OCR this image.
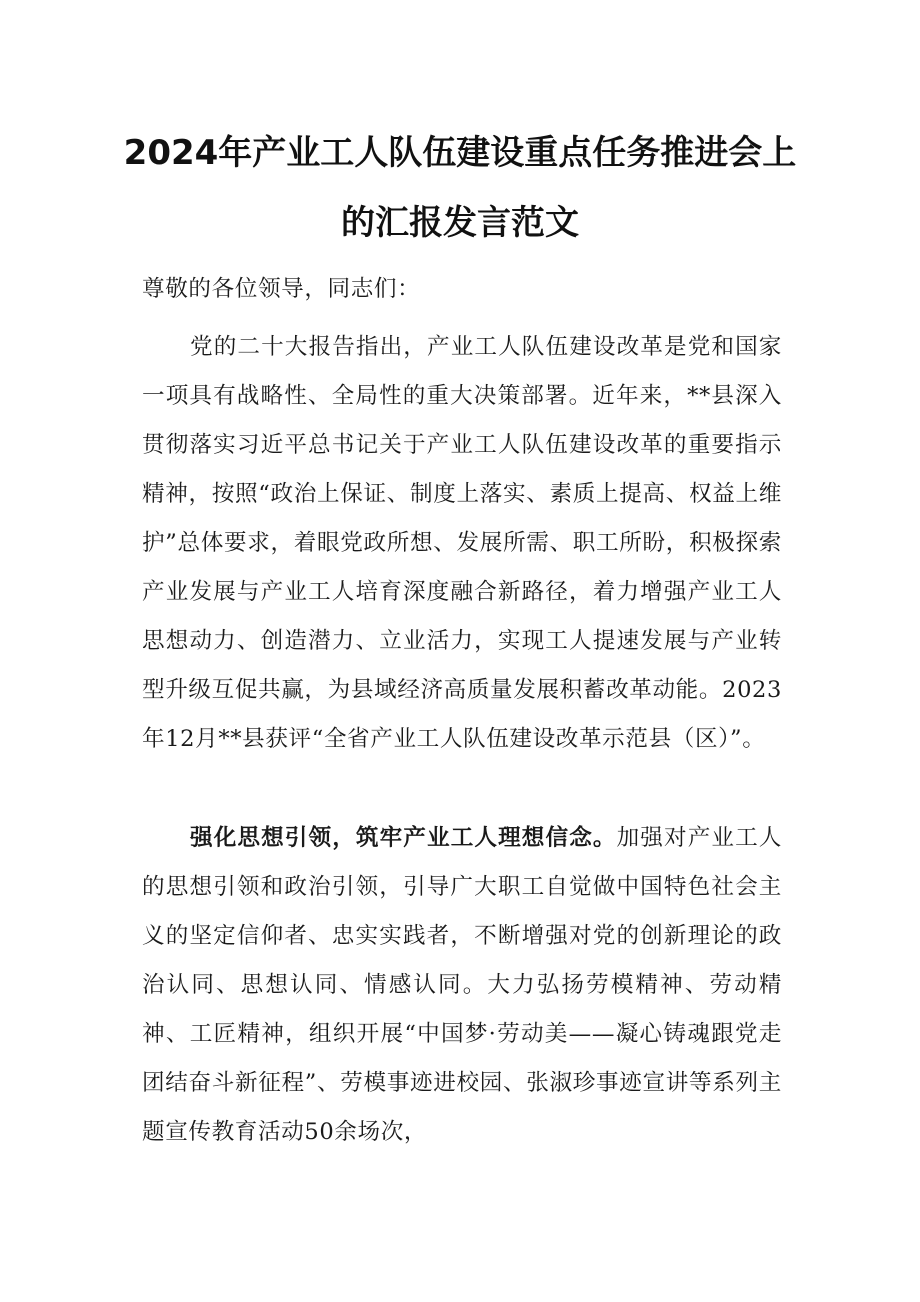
2024年产业工人队伍建设重点任务推进会上
的汇报发言范文
尊敬的各位领导，同志们：

党的二十大报告指出，产业工人队伍建设改革是党和国家一项具有战略性、全局性的重大决策部署。近年来，**县深入贯彻落实习近平总书记关于产业工人队伍建设改革的重要指示精神，按照“政治上保证、制度上落实、素质上提高、权益上维护”总体要求，着眼党政所想、发展所需、职工所盼，积极探索产业发展与产业工人培育深度融合新路径，着力增强产业工人思想动力、创造潜力、立业活力，实现工人提速发展与产业转型升级互促共赢，为县域经济高质量发展积蓄改革动能。2023年12月**县获评“全省产业工人队伍建设改革示范县（区）”。

强化思想引领，筑牢产业工人理想信念。加强对产业工人的思想引领和政治引领，引导广大职工自觉做中国特色社会主义的坚定信仰者、忠实实践者，不断增强对党的创新理论的政治认同、思想认同、情感认同。大力弘扬劳模精神、劳动精神、工匠精神，组织开展“中国梦·劳动美——凝心铸魂跟党走团结奋斗新征程”、劳模事迹进校园、张淑珍事迹宣讲等系列主题宣传教育活动50余场次，
